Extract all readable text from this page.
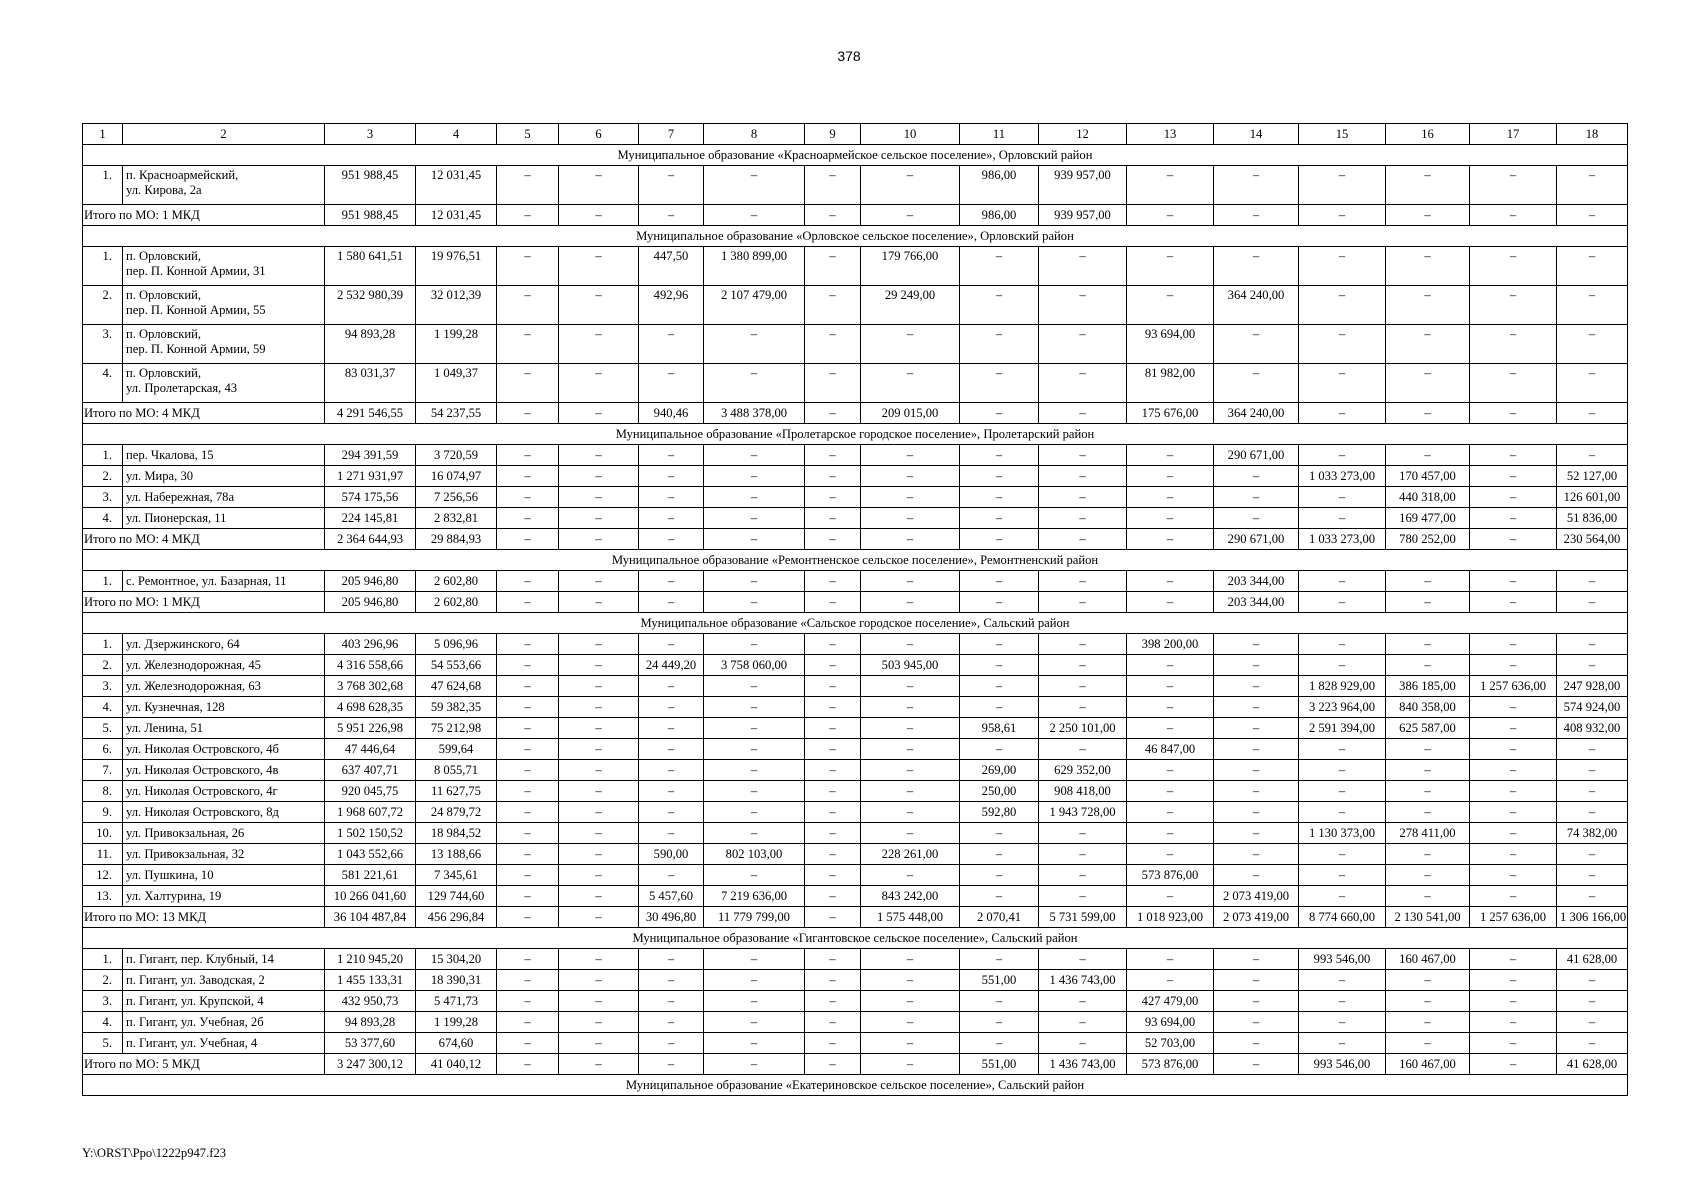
378
1	2	3	4	5	6	7	8	9	10	11	12	13	14	15	16	17	18
Муниципальное образование «Красноармейское сельское поселение», Орловский район																	
1.	п. Красноармейский,
ул. Кирова, 2а	951 988,45	12 031,45	–	–	–	–	–	–	986,00	939 957,00	–	–	–	–	–	–
Итого по МО: 1 МКД		951 988,45	12 031,45	–	–	–	–	–	–	986,00	939 957,00	–	–	–	–	–	–
Муниципальное образование «Орловское сельское поселение», Орловский район																	
1.	п. Орловский,
пер. П. Конной Армии, 31	1 580 641,51	19 976,51	–	–	447,50	1 380 899,00	–	179 766,00	–	–	–	–	–	–	–	–
2.	п. Орловский,
пер. П. Конной Армии, 55	2 532 980,39	32 012,39	–	–	492,96	2 107 479,00	–	29 249,00	–	–	–	364 240,00	–	–	–	–
3.	п. Орловский,
пер. П. Конной Армии, 59	94 893,28	1 199,28	–	–	–	–	–	–	–	–	93 694,00	–	–	–	–	–
4.	п. Орловский,
ул. Пролетарская, 43	83 031,37	1 049,37	–	–	–	–	–	–	–	–	81 982,00	–	–	–	–	–
Итого по МО: 4 МКД		4 291 546,55	54 237,55	–	–	940,46	3 488 378,00	–	209 015,00	–	–	175 676,00	364 240,00	–	–	–	–
Муниципальное образование «Пролетарское городское поселение», Пролетарский район																	
1.	пер. Чкалова, 15	294 391,59	3 720,59	–	–	–	–	–	–	–	–	–	290 671,00	–	–	–	–
2.	ул. Мира, 30	1 271 931,97	16 074,97	–	–	–	–	–	–	–	–	–	–	1 033 273,00	170 457,00	–	52 127,00
3.	ул. Набережная, 78а	574 175,56	7 256,56	–	–	–	–	–	–	–	–	–	–	–	440 318,00	–	126 601,00
4.	ул. Пионерская, 11	224 145,81	2 832,81	–	–	–	–	–	–	–	–	–	–	–	169 477,00	–	51 836,00
Итого по МО: 4 МКД		2 364 644,93	29 884,93	–	–	–	–	–	–	–	–	–	290 671,00	1 033 273,00	780 252,00	–	230 564,00
Муниципальное образование «Ремонтненское сельское поселение», Ремонтненский район																	
1.	с. Ремонтное, ул. Базарная, 11	205 946,80	2 602,80	–	–	–	–	–	–	–	–	–	203 344,00	–	–	–	–
Итого по МО: 1 МКД		205 946,80	2 602,80	–	–	–	–	–	–	–	–	–	203 344,00	–	–	–	–
Муниципальное образование «Сальское городское поселение», Сальский район																	
1.	ул. Дзержинского, 64	403 296,96	5 096,96	–	–	–	–	–	–	–	–	398 200,00	–	–	–	–	–
2.	ул. Железнодорожная, 45	4 316 558,66	54 553,66	–	–	24 449,20	3 758 060,00	–	503 945,00	–	–	–	–	–	–	–	–
3.	ул. Железнодорожная, 63	3 768 302,68	47 624,68	–	–	–	–	–	–	–	–	–	–	1 828 929,00	386 185,00	1 257 636,00	247 928,00
4.	ул. Кузнечная, 128	4 698 628,35	59 382,35	–	–	–	–	–	–	–	–	–	–	3 223 964,00	840 358,00	–	574 924,00
5.	ул. Ленина, 51	5 951 226,98	75 212,98	–	–	–	–	–	–	958,61	2 250 101,00	–	–	2 591 394,00	625 587,00	–	408 932,00
6.	ул. Николая Островского, 4б	47 446,64	599,64	–	–	–	–	–	–	–	–	46 847,00	–	–	–	–	–
7.	ул. Николая Островского, 4в	637 407,71	8 055,71	–	–	–	–	–	–	269,00	629 352,00	–	–	–	–	–	–
8.	ул. Николая Островского, 4г	920 045,75	11 627,75	–	–	–	–	–	–	250,00	908 418,00	–	–	–	–	–	–
9.	ул. Николая Островского, 8д	1 968 607,72	24 879,72	–	–	–	–	–	–	592,80	1 943 728,00	–	–	–	–	–	–
10.	ул. Привокзальная, 26	1 502 150,52	18 984,52	–	–	–	–	–	–	–	–	–	–	1 130 373,00	278 411,00	–	74 382,00
11.	ул. Привокзальная, 32	1 043 552,66	13 188,66	–	–	590,00	802 103,00	–	228 261,00	–	–	–	–	–	–	–	–
12.	ул. Пушкина, 10	581 221,61	7 345,61	–	–	–	–	–	–	–	–	573 876,00	–	–	–	–	–
13.	ул. Халтурина, 19	10 266 041,60	129 744,60	–	–	5 457,60	7 219 636,00	–	843 242,00	–	–	–	2 073 419,00	–	–	–	–
Итого по МО: 13 МКД		36 104 487,84	456 296,84	–	–	30 496,80	11 779 799,00	–	1 575 448,00	2 070,41	5 731 599,00	1 018 923,00	2 073 419,00	8 774 660,00	2 130 541,00	1 257 636,00	1 306 166,00
Муниципальное образование «Гигантовское сельское поселение», Сальский район																	
1.	п. Гигант, пер. Клубный, 14	1 210 945,20	15 304,20	–	–	–	–	–	–	–	–	–	–	993 546,00	160 467,00	–	41 628,00
2.	п. Гигант, ул. Заводская, 2	1 455 133,31	18 390,31	–	–	–	–	–	–	551,00	1 436 743,00	–	–	–	–	–	–
3.	п. Гигант, ул. Крупской, 4	432 950,73	5 471,73	–	–	–	–	–	–	–	–	427 479,00	–	–	–	–	–
4.	п. Гигант, ул. Учебная, 2б	94 893,28	1 199,28	–	–	–	–	–	–	–	–	93 694,00	–	–	–	–	–
5.	п. Гигант, ул. Учебная, 4	53 377,60	674,60	–	–	–	–	–	–	–	–	52 703,00	–	–	–	–	–
Итого по МО: 5 МКД		3 247 300,12	41 040,12	–	–	–	–	–	–	551,00	1 436 743,00	573 876,00	–	993 546,00	160 467,00	–	41 628,00
Муниципальное образование «Екатериновское сельское поселение», Сальский район																	
Y:\ORST\Ppo\1222p947.f23
